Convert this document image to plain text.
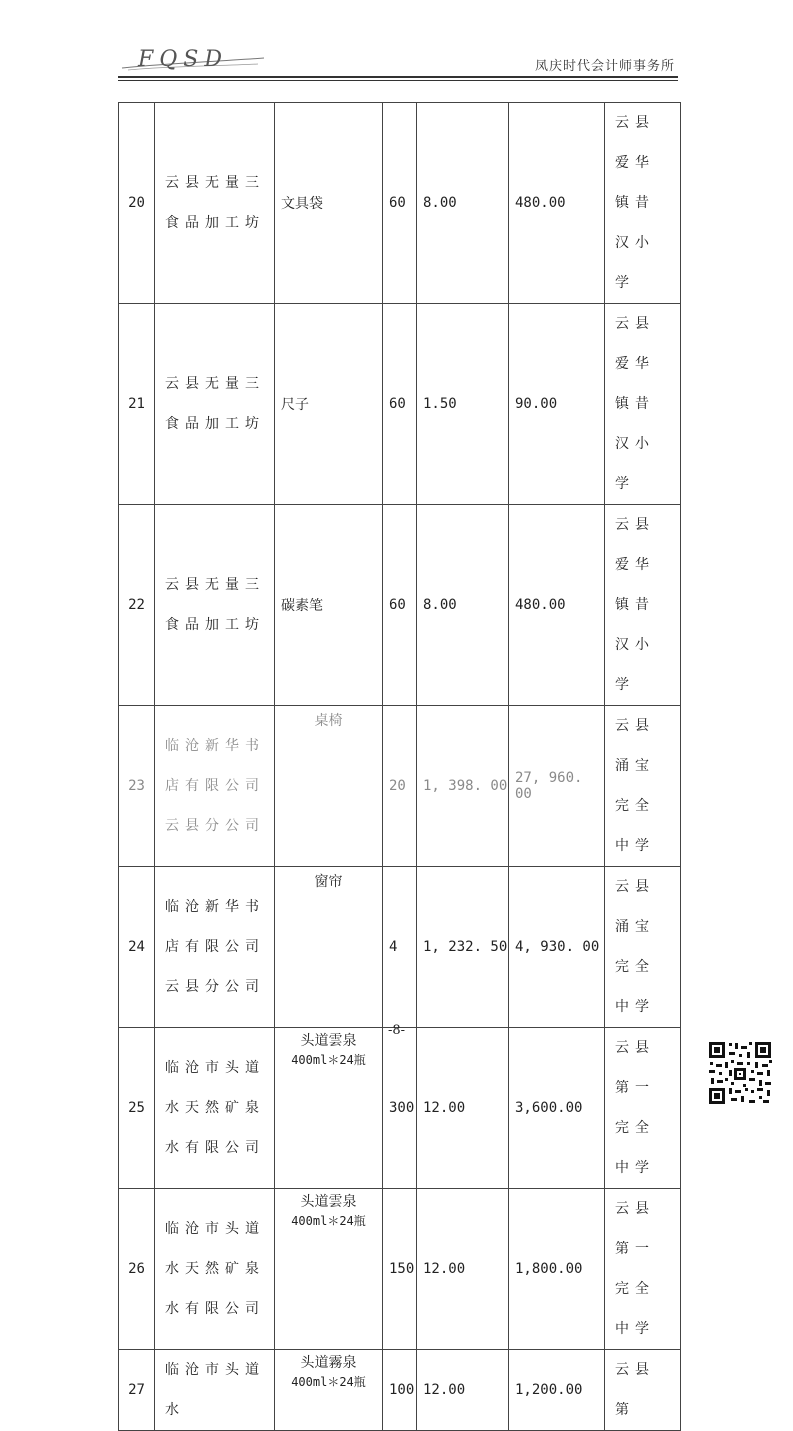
FQSD	凤庆时代会计师事务所
20	云县无量三食品加工坊	文具袋	60	8.00	480.00	云县爱华镇昔汉小学
21	云县无量三食品加工坊	尺子	60	1.50	90.00	云县爱华镇昔汉小学
22	云县无量三食品加工坊	碳素笔	60	8.00	480.00	云县爱华镇昔汉小学
23	临沧新华书店有限公司云县分公司	桌椅	20	1, 398. 00	27, 960. 00	云县涌宝完全中学
24	临沧新华书店有限公司云县分公司	窗帘	4	1, 232. 50	4, 930. 00	云县涌宝完全中学
25	临沧市头道水天然矿泉水有限公司	头道雲泉
400ml＊24瓶	300	12.00	3,600.00	云县第一完全中学
26	临沧市头道水天然矿泉水有限公司	头道雲泉
400ml＊24瓶	150	12.00	1,800.00	云县第一完全中学
27	临沧市头道水	头道霧泉
400ml＊24瓶	100	12.00	1,200.00	云县第
-8-
